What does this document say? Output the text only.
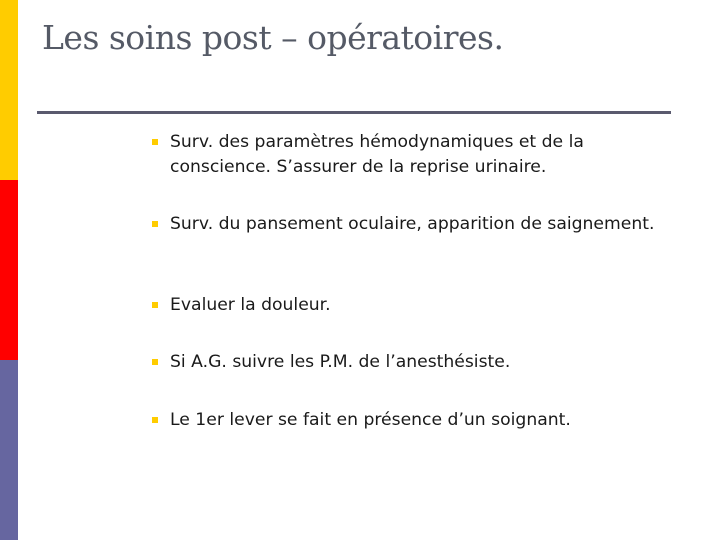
Les soins post – opératoires.
Surv. des paramètres hémodynamiques et de la conscience. S’assurer de la reprise urinaire.
Surv. du pansement oculaire, apparition de saignement.
Evaluer la douleur.
Si A.G. suivre les P.M. de l’anesthésiste.
Le 1er lever se fait en présence d’un soignant.
